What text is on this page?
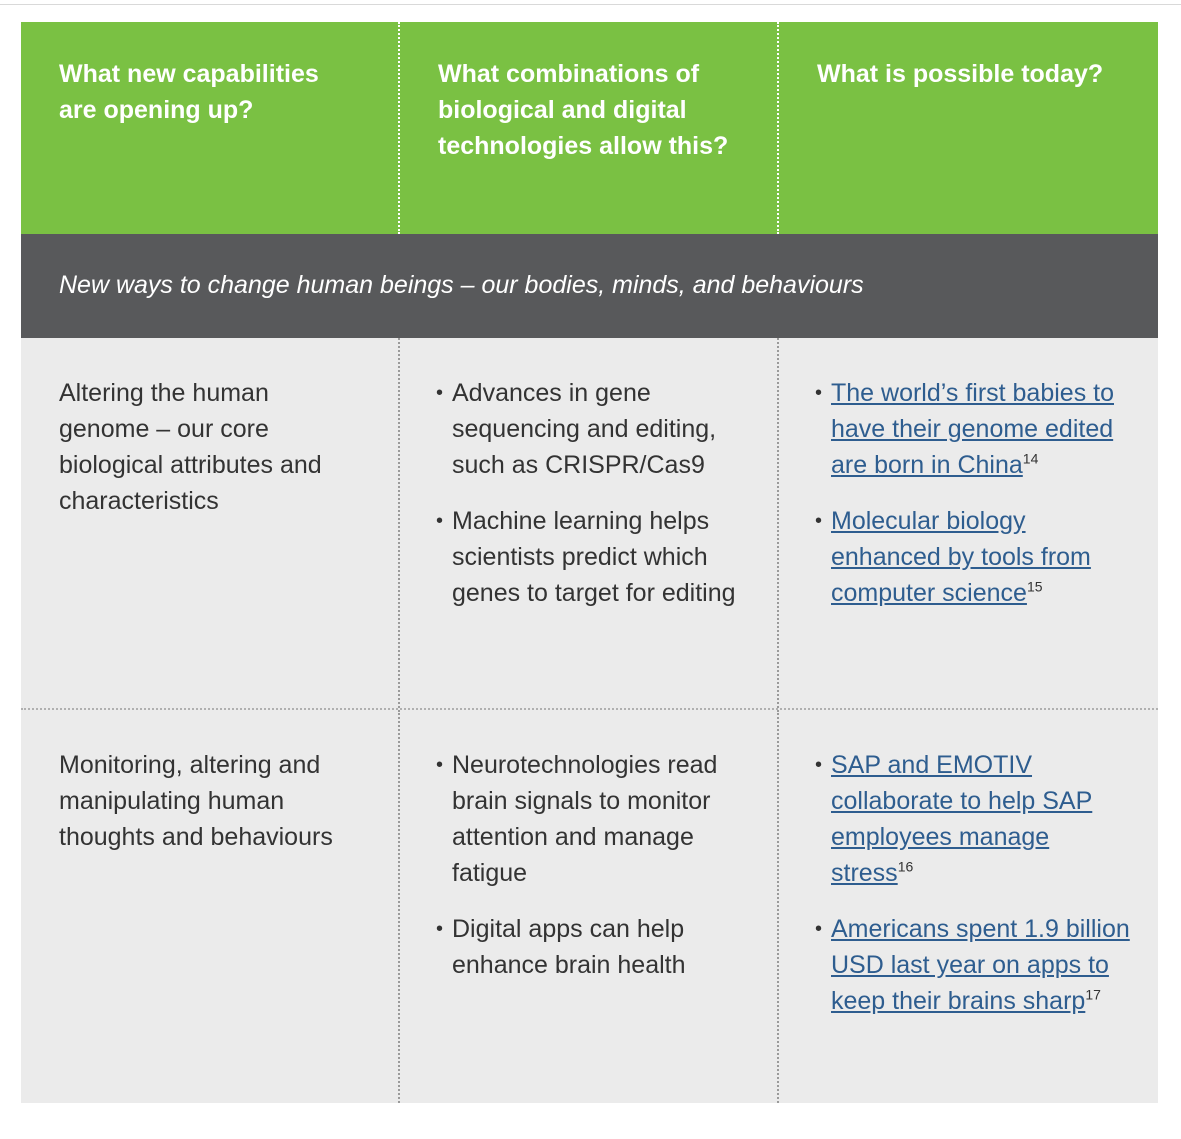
What new capabilities are opening up?
What combinations of biological and digital technologies allow this?
What is possible today?
New ways to change human beings – our bodies, minds, and behaviours
Altering the human genome – our core biological attributes and characteristics
• Advances in gene sequencing and editing, such as CRISPR/Cas9
• Machine learning helps scientists predict which genes to target for editing
• The world’s first babies to have their genome edited are born in China$^{14}$
• Molecular biology enhanced by tools from computer science$^{15}$
Monitoring, altering and manipulating human thoughts and behaviours
• Neurotechnologies read brain signals to monitor attention and manage fatigue
• Digital apps can help enhance brain health
• SAP and EMOTIV collaborate to help SAP employees manage stress$^{16}$
• Americans spent 1.9 billion USD last year on apps to keep their brains sharp$^{17}$
